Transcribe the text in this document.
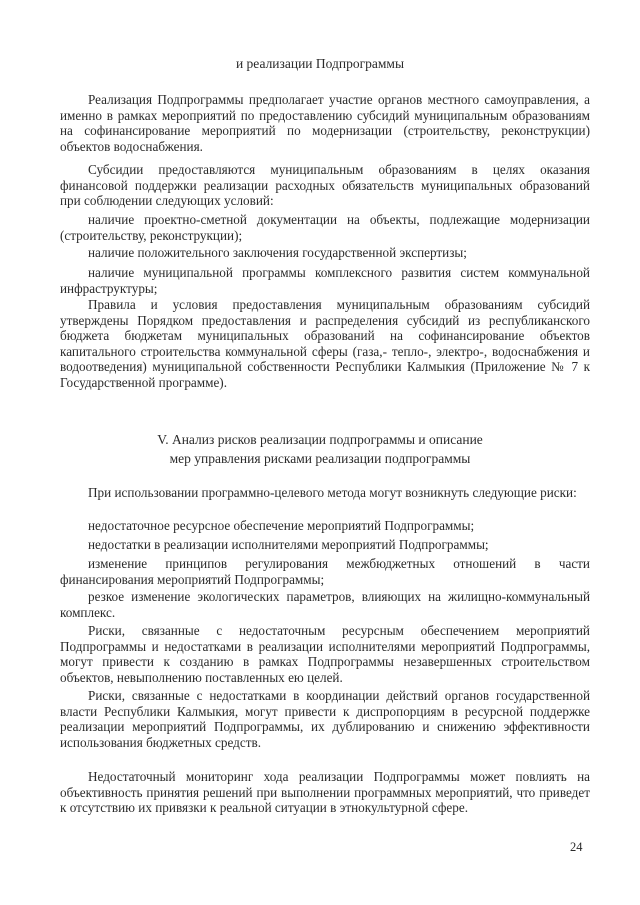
и реализации Подпрограммы
Реализация Подпрограммы предполагает участие органов местного самоуправления, а именно в рамках мероприятий по предоставлению субсидий муниципальным образованиям на софинансирование мероприятий по модернизации (строительству, реконструкции) объектов водоснабжения.
Субсидии предоставляются муниципальным образованиям в целях оказания финансовой поддержки реализации расходных обязательств муниципальных образований при соблюдении следующих условий:
наличие проектно-сметной документации на объекты, подлежащие модернизации (строительству, реконструкции);
наличие положительного заключения государственной экспертизы;
наличие муниципальной программы комплексного развития систем коммунальной инфраструктуры;
Правила и условия предоставления муниципальным образованиям субсидий утверждены Порядком предоставления и распределения субсидий из республиканского бюджета бюджетам муниципальных образований на софинансирование объектов капитального строительства коммунальной сферы (газа,- тепло-, электро-, водоснабжения и водоотведения) муниципальной собственности Республики Калмыкия (Приложение № 7 к Государственной программе).
V. Анализ рисков реализации подпрограммы и описание
мер управления рисками реализации подпрограммы
При использовании программно-целевого метода могут возникнуть следующие риски:
недостаточное ресурсное обеспечение мероприятий Подпрограммы;
недостатки в реализации исполнителями мероприятий Подпрограммы;
изменение принципов регулирования межбюджетных отношений в части финансирования мероприятий Подпрограммы;
резкое изменение экологических параметров, влияющих на жилищно-коммунальный комплекс.
Риски, связанные с недостаточным ресурсным обеспечением мероприятий Подпрограммы и недостатками в реализации исполнителями мероприятий Подпрограммы, могут привести к созданию в рамках Подпрограммы незавершенных строительством объектов, невыполнению поставленных ею целей.
Риски, связанные с недостатками в координации действий органов государственной власти Республики Калмыкия, могут привести к диспропорциям в ресурсной поддержке реализации мероприятий Подпрограммы, их дублированию и снижению эффективности использования бюджетных средств.
Недостаточный мониторинг хода реализации Подпрограммы может повлиять на объективность принятия решений при выполнении программных мероприятий, что приведет к отсутствию их привязки к реальной ситуации в этнокультурной сфере.
24
